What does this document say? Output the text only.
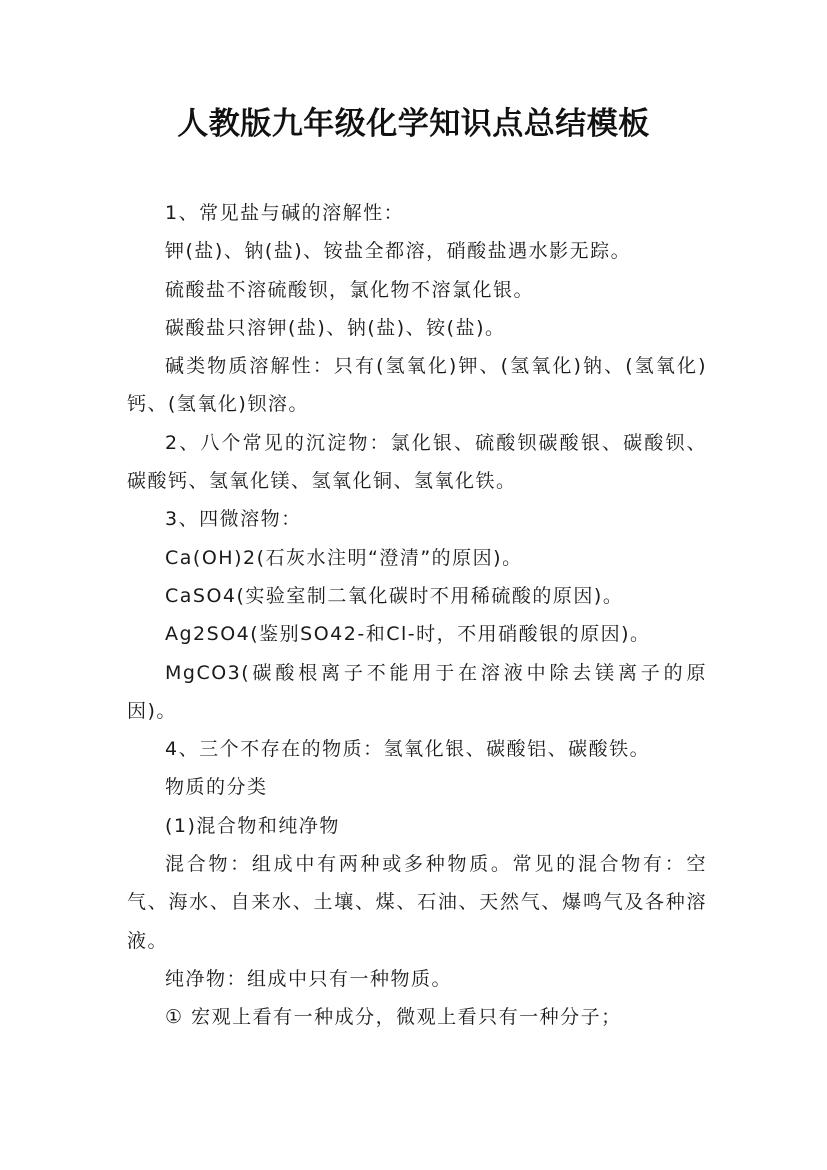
人教版九年级化学知识点总结模板

1、常见盐与碱的溶解性：

钾(盐)、钠(盐)、铵盐全都溶，硝酸盐遇水影无踪。

硫酸盐不溶硫酸钡，氯化物不溶氯化银。

碳酸盐只溶钾(盐)、钠(盐)、铵(盐)。

碱类物质溶解性：只有(氢氧化)钾、(氢氧化)钠、(氢氧化)钙、(氢氧化)钡溶。

2、八个常见的沉淀物：氯化银、硫酸钡碳酸银、碳酸钡、碳酸钙、氢氧化镁、氢氧化铜、氢氧化铁。

3、四微溶物：

Ca(OH)2(石灰水注明“澄清”的原因)。

CaSO4(实验室制二氧化碳时不用稀硫酸的原因)。

Ag2SO4(鉴别SO42-和Cl-时，不用硝酸银的原因)。

MgCO3(碳酸根离子不能用于在溶液中除去镁离子的原因)。

4、三个不存在的物质：氢氧化银、碳酸铝、碳酸铁。

物质的分类

(1)混合物和纯净物

混合物：组成中有两种或多种物质。常见的混合物有：空气、海水、自来水、土壤、煤、石油、天然气、爆鸣气及各种溶液。

纯净物：组成中只有一种物质。

① 宏观上看有一种成分，微观上看只有一种分子；
